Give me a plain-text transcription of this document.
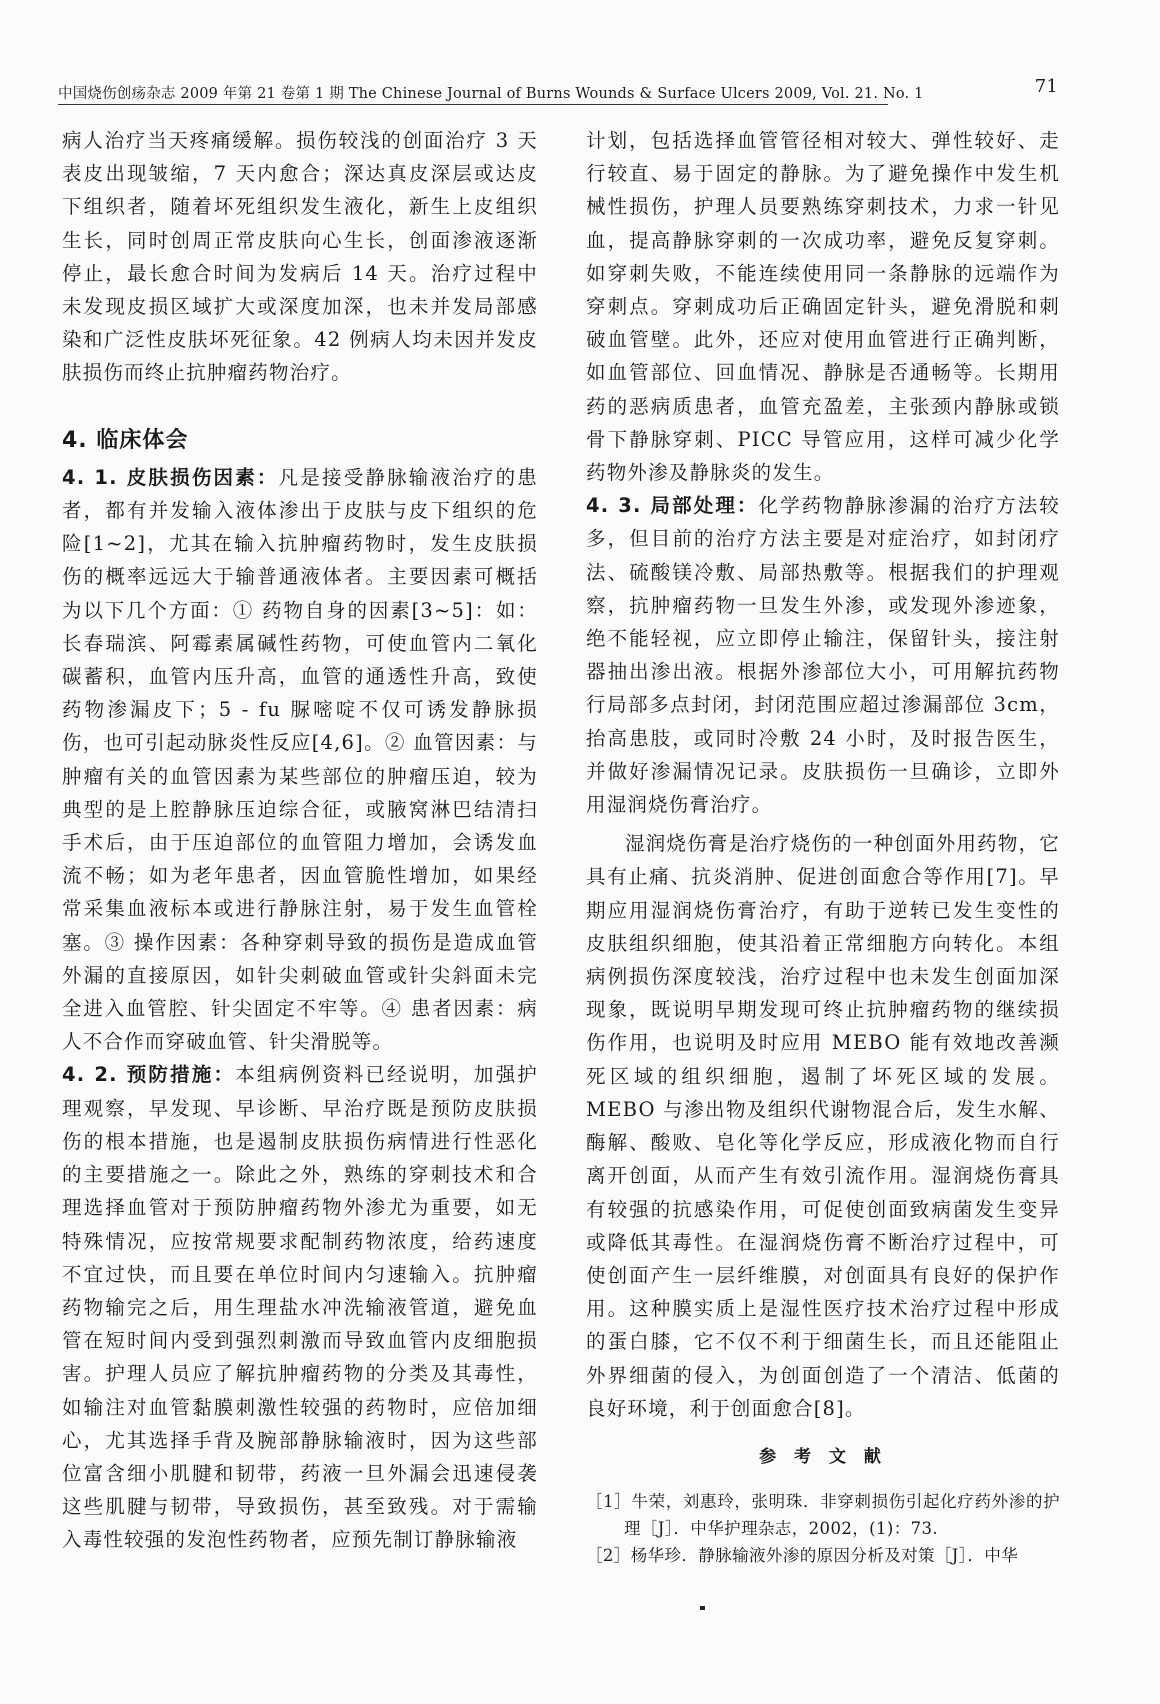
中国烧伤创疡杂志 2009 年第 21 卷第 1 期 The Chinese Journal of Burns Wounds & Surface Ulcers 2009, Vol. 21. No. 1	71

病人治疗当天疼痛缓解。损伤较浅的创面治疗 3 天表皮出现皱缩，7 天内愈合；深达真皮深层或达皮下组织者，随着坏死组织发生液化，新生上皮组织生长，同时创周正常皮肤向心生长，创面渗液逐渐停止，最长愈合时间为发病后 14 天。治疗过程中未发现皮损区域扩大或深度加深，也未并发局部感染和广泛性皮肤坏死征象。42 例病人均未因并发皮肤损伤而终止抗肿瘤药物治疗。

4. 临床体会

4. 1. 皮肤损伤因素：凡是接受静脉输液治疗的患者，都有并发输入液体渗出于皮肤与皮下组织的危险[1~2]，尤其在输入抗肿瘤药物时，发生皮肤损伤的概率远远大于输普通液体者。主要因素可概括为以下几个方面：① 药物自身的因素[3~5]：如：长春瑞滨、阿霉素属碱性药物，可使血管内二氧化碳蓄积，血管内压升高，血管的通透性升高，致使药物渗漏皮下；5 - fu 脲嘧啶不仅可诱发静脉损伤，也可引起动脉炎性反应[4,6]。② 血管因素：与肿瘤有关的血管因素为某些部位的肿瘤压迫，较为典型的是上腔静脉压迫综合征，或腋窝淋巴结清扫手术后，由于压迫部位的血管阻力增加，会诱发血流不畅；如为老年患者，因血管脆性增加，如果经常采集血液标本或进行静脉注射，易于发生血管栓塞。③ 操作因素：各种穿刺导致的损伤是造成血管外漏的直接原因，如针尖刺破血管或针尖斜面未完全进入血管腔、针尖固定不牢等。④ 患者因素：病人不合作而穿破血管、针尖滑脱等。

4. 2. 预防措施：本组病例资料已经说明，加强护理观察，早发现、早诊断、早治疗既是预防皮肤损伤的根本措施，也是遏制皮肤损伤病情进行性恶化的主要措施之一。除此之外，熟练的穿刺技术和合理选择血管对于预防肿瘤药物外渗尤为重要，如无特殊情况，应按常规要求配制药物浓度，给药速度不宜过快，而且要在单位时间内匀速输入。抗肿瘤药物输完之后，用生理盐水冲洗输液管道，避免血管在短时间内受到强烈刺激而导致血管内皮细胞损害。护理人员应了解抗肿瘤药物的分类及其毒性，如输注对血管黏膜刺激性较强的药物时，应倍加细心，尤其选择手背及腕部静脉输液时，因为这些部位富含细小肌腱和韧带，药液一旦外漏会迅速侵袭这些肌腱与韧带，导致损伤，甚至致残。对于需输入毒性较强的发泡性药物者，应预先制订静脉输液

计划，包括选择血管管径相对较大、弹性较好、走行较直、易于固定的静脉。为了避免操作中发生机械性损伤，护理人员要熟练穿刺技术，力求一针见血，提高静脉穿刺的一次成功率，避免反复穿刺。如穿刺失败，不能连续使用同一条静脉的远端作为穿刺点。穿刺成功后正确固定针头，避免滑脱和刺破血管壁。此外，还应对使用血管进行正确判断，如血管部位、回血情况、静脉是否通畅等。长期用药的恶病质患者，血管充盈差，主张颈内静脉或锁骨下静脉穿刺、PICC 导管应用，这样可减少化学药物外渗及静脉炎的发生。

4. 3. 局部处理：化学药物静脉渗漏的治疗方法较多，但目前的治疗方法主要是对症治疗，如封闭疗法、硫酸镁冷敷、局部热敷等。根据我们的护理观察，抗肿瘤药物一旦发生外渗，或发现外渗迹象，绝不能轻视，应立即停止输注，保留针头，接注射器抽出渗出液。根据外渗部位大小，可用解抗药物行局部多点封闭，封闭范围应超过渗漏部位 3cm，抬高患肢，或同时冷敷 24 小时，及时报告医生，并做好渗漏情况记录。皮肤损伤一旦确诊，立即外用湿润烧伤膏治疗。

湿润烧伤膏是治疗烧伤的一种创面外用药物，它具有止痛、抗炎消肿、促进创面愈合等作用[7]。早期应用湿润烧伤膏治疗，有助于逆转已发生变性的皮肤组织细胞，使其沿着正常细胞方向转化。本组病例损伤深度较浅，治疗过程中也未发生创面加深现象，既说明早期发现可终止抗肿瘤药物的继续损伤作用，也说明及时应用 MEBO 能有效地改善濒死区域的组织细胞，遏制了坏死区域的发展。MEBO 与渗出物及组织代谢物混合后，发生水解、酶解、酸败、皂化等化学反应，形成液化物而自行离开创面，从而产生有效引流作用。湿润烧伤膏具有较强的抗感染作用，可促使创面致病菌发生变异或降低其毒性。在湿润烧伤膏不断治疗过程中，可使创面产生一层纤维膜，对创面具有良好的保护作用。这种膜实质上是湿性医疗技术治疗过程中形成的蛋白膝，它不仅不利于细菌生长，而且还能阻止外界细菌的侵入，为创面创造了一个清洁、低菌的良好环境，利于创面愈合[8]。

参 考 文 献

［1］牛荣，刘惠玲，张明珠．非穿刺损伤引起化疗药外渗的护理［J］．中华护理杂志，2002，(1)：73.

［2］杨华珍．静脉输液外渗的原因分析及对策［J］．中华
